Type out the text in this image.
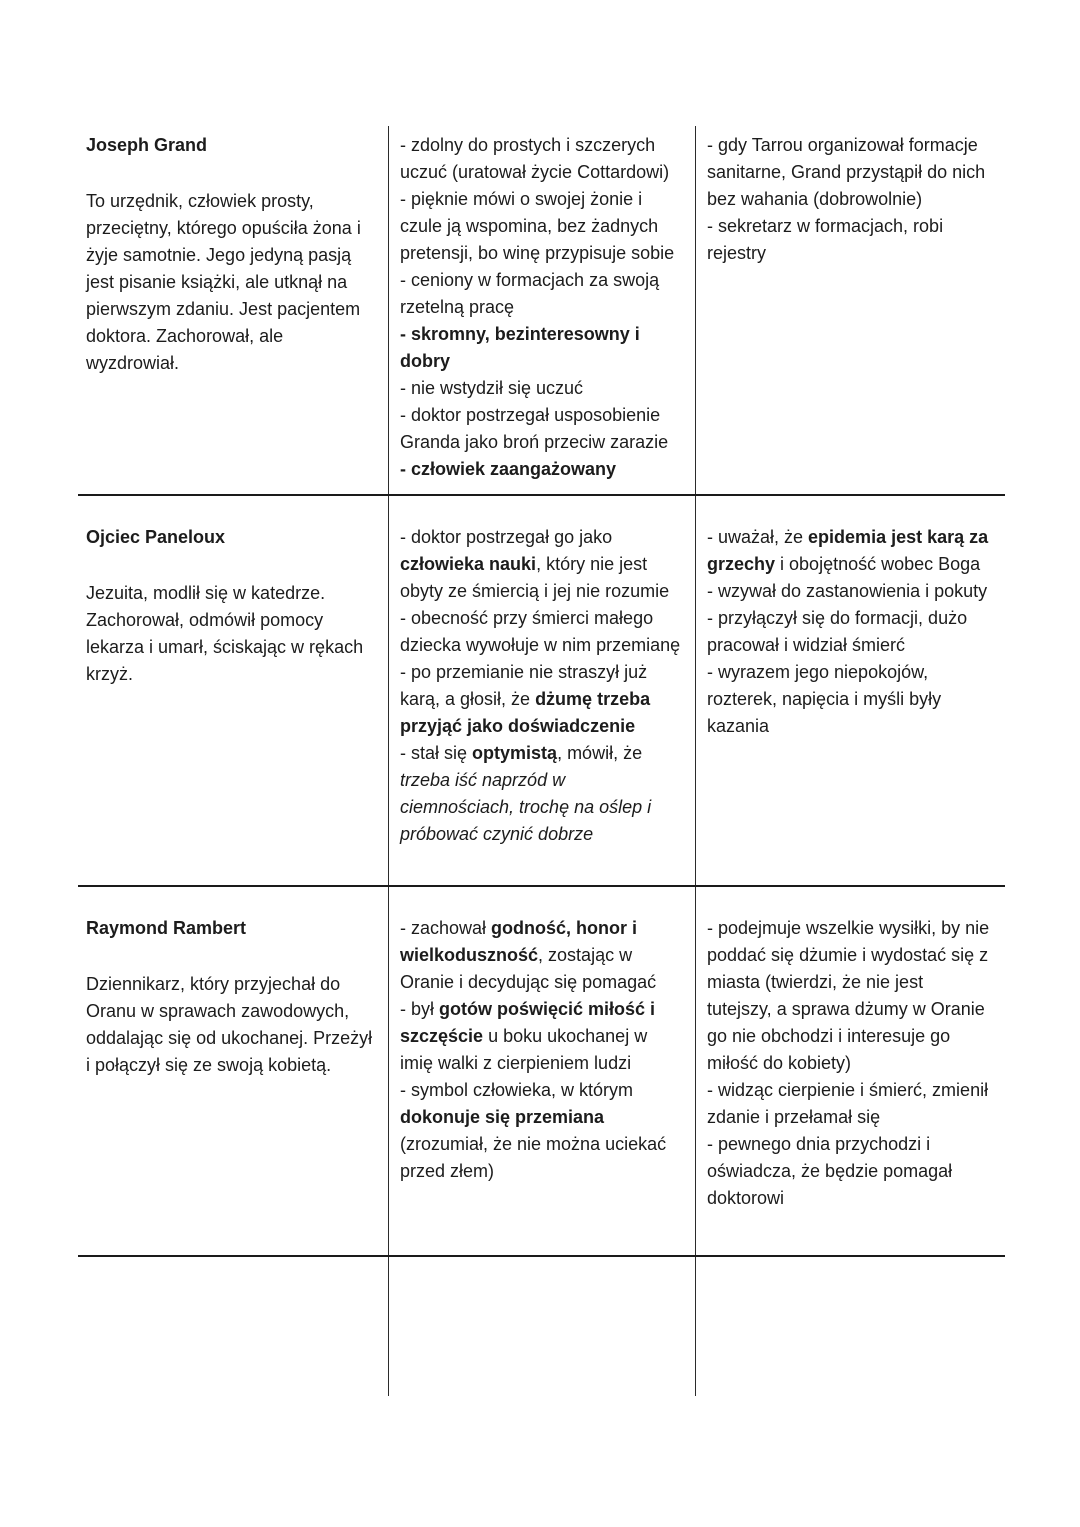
Joseph Grand

To urzędnik, człowiek prosty, przeciętny, którego opuściła żona i żyje samotnie. Jego jedyną pasją jest pisanie książki, ale utknął na pierwszym zdaniu. Jest pacjentem doktora. Zachorował, ale wyzdrowiał.

- zdolny do prostych i szczerych uczuć (uratował życie Cottardowi)

- pięknie mówi o swojej żonie i czule ją wspomina, bez żadnych pretensji, bo winę przypisuje sobie

- ceniony w formacjach za swoją rzetelną pracę

- skromny, bezinteresowny i dobry

- nie wstydził się uczuć

- doktor postrzegał usposobienie Granda jako broń przeciw zarazie

- człowiek zaangażowany

- gdy Tarrou organizował formacje sanitarne, Grand przystąpił do nich bez wahania (dobrowolnie)

- sekretarz w formacjach, robi rejestry

Ojciec Paneloux

Jezuita, modlił się w katedrze. Zachorował, odmówił pomocy lekarza i umarł, ściskając w rękach krzyż.

- doktor postrzegał go jako człowieka nauki, który nie jest obyty ze śmiercią i jej nie rozumie

- obecność przy śmierci małego dziecka wywołuje w nim przemianę

- po przemianie nie straszył już karą, a głosił, że dżumę trzeba przyjąć jako doświadczenie

- stał się optymistą, mówił, że trzeba iść naprzód w ciemnościach, trochę na oślep i próbować czynić dobrze

- uważał, że epidemia jest karą za grzechy i obojętność wobec Boga

- wzywał do zastanowienia i pokuty

- przyłączył się do formacji, dużo pracował i widział śmierć

- wyrazem jego niepokojów, rozterek, napięcia i myśli były kazania

Raymond Rambert

Dziennikarz, który przyjechał do Oranu w sprawach zawodowych, oddalając się od ukochanej. Przeżył i połączył się ze swoją kobietą.

- zachował godność, honor i wielkoduszność, zostając w Oranie i decydując się pomagać

- był gotów poświęcić miłość i szczęście u boku ukochanej w imię walki z cierpieniem ludzi

- symbol człowieka, w którym dokonuje się przemiana (zrozumiał, że nie można uciekać przed złem)

- podejmuje wszelkie wysiłki, by nie poddać się dżumie i wydostać się z miasta (twierdzi, że nie jest tutejszy, a sprawa dżumy w Oranie go nie obchodzi i interesuje go miłość do kobiety)

- widząc cierpienie i śmierć, zmienił zdanie i przełamał się

- pewnego dnia przychodzi i oświadcza, że będzie pomagał doktorowi
